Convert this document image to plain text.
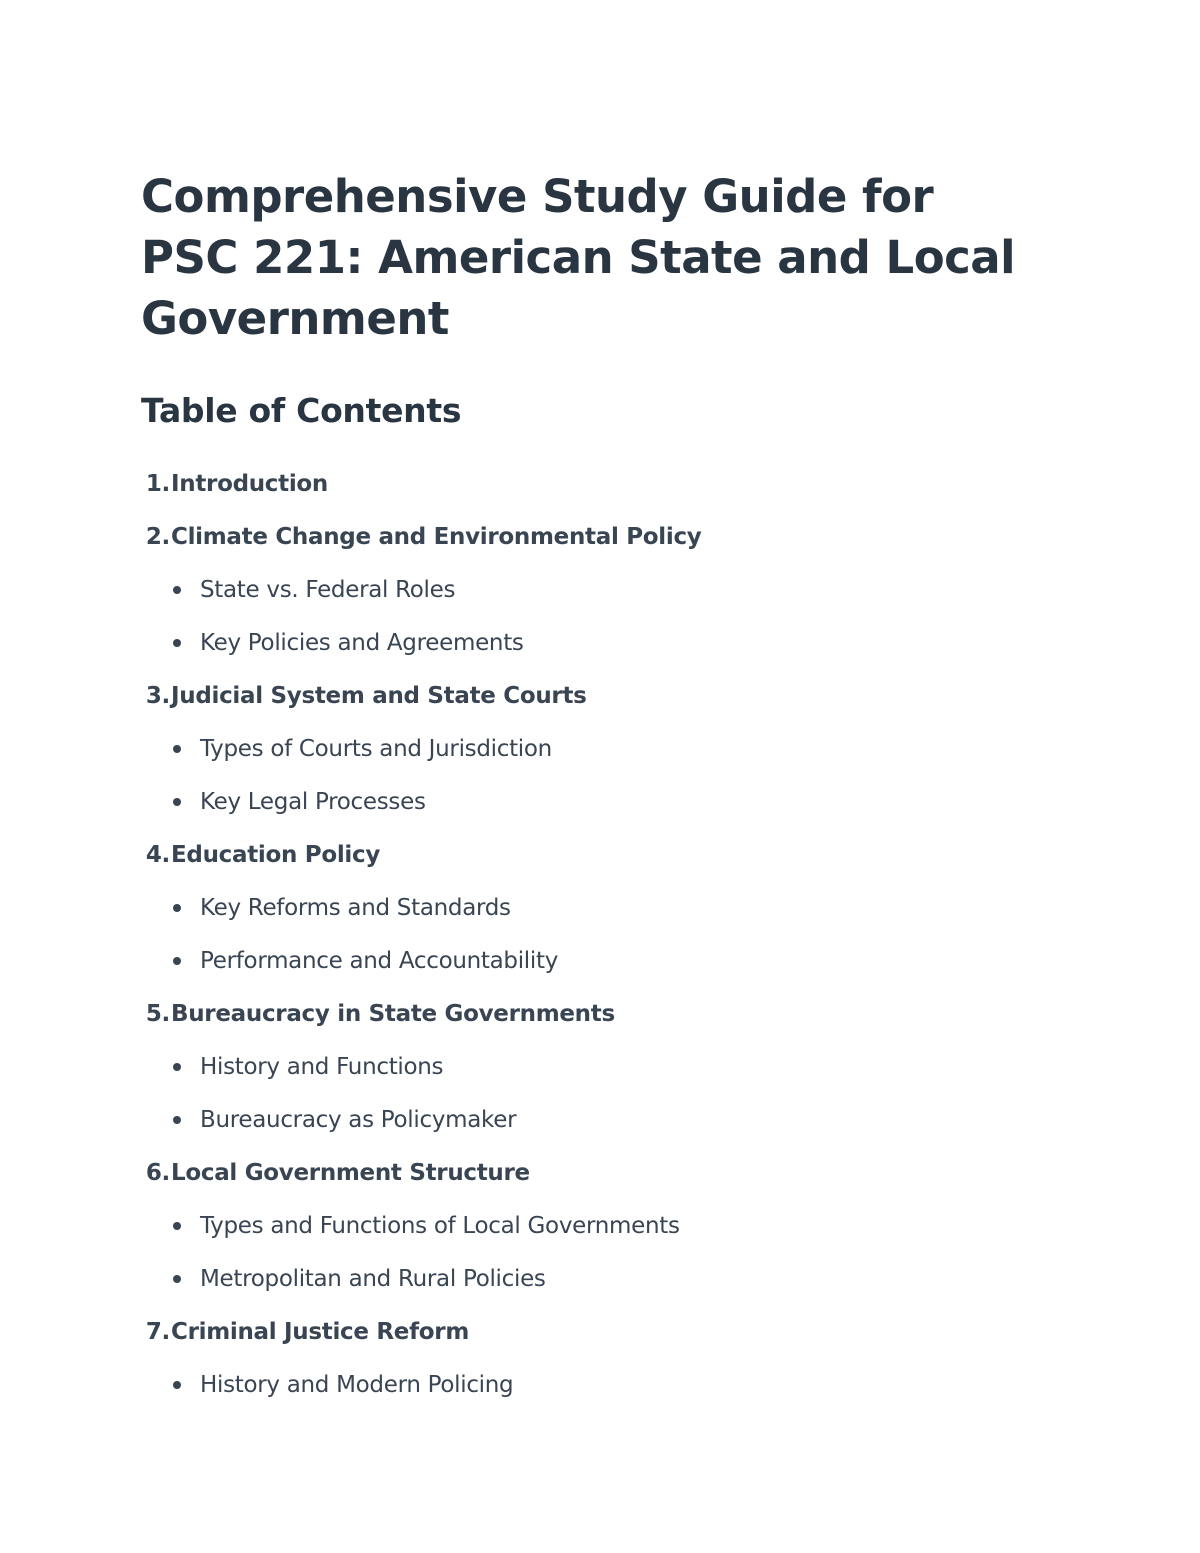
Comprehensive Study Guide for PSC 221: American State and Local Government
Table of Contents
1. Introduction
2. Climate Change and Environmental Policy
State vs. Federal Roles
Key Policies and Agreements
3. Judicial System and State Courts
Types of Courts and Jurisdiction
Key Legal Processes
4. Education Policy
Key Reforms and Standards
Performance and Accountability
5. Bureaucracy in State Governments
History and Functions
Bureaucracy as Policymaker
6. Local Government Structure
Types and Functions of Local Governments
Metropolitan and Rural Policies
7. Criminal Justice Reform
History and Modern Policing
